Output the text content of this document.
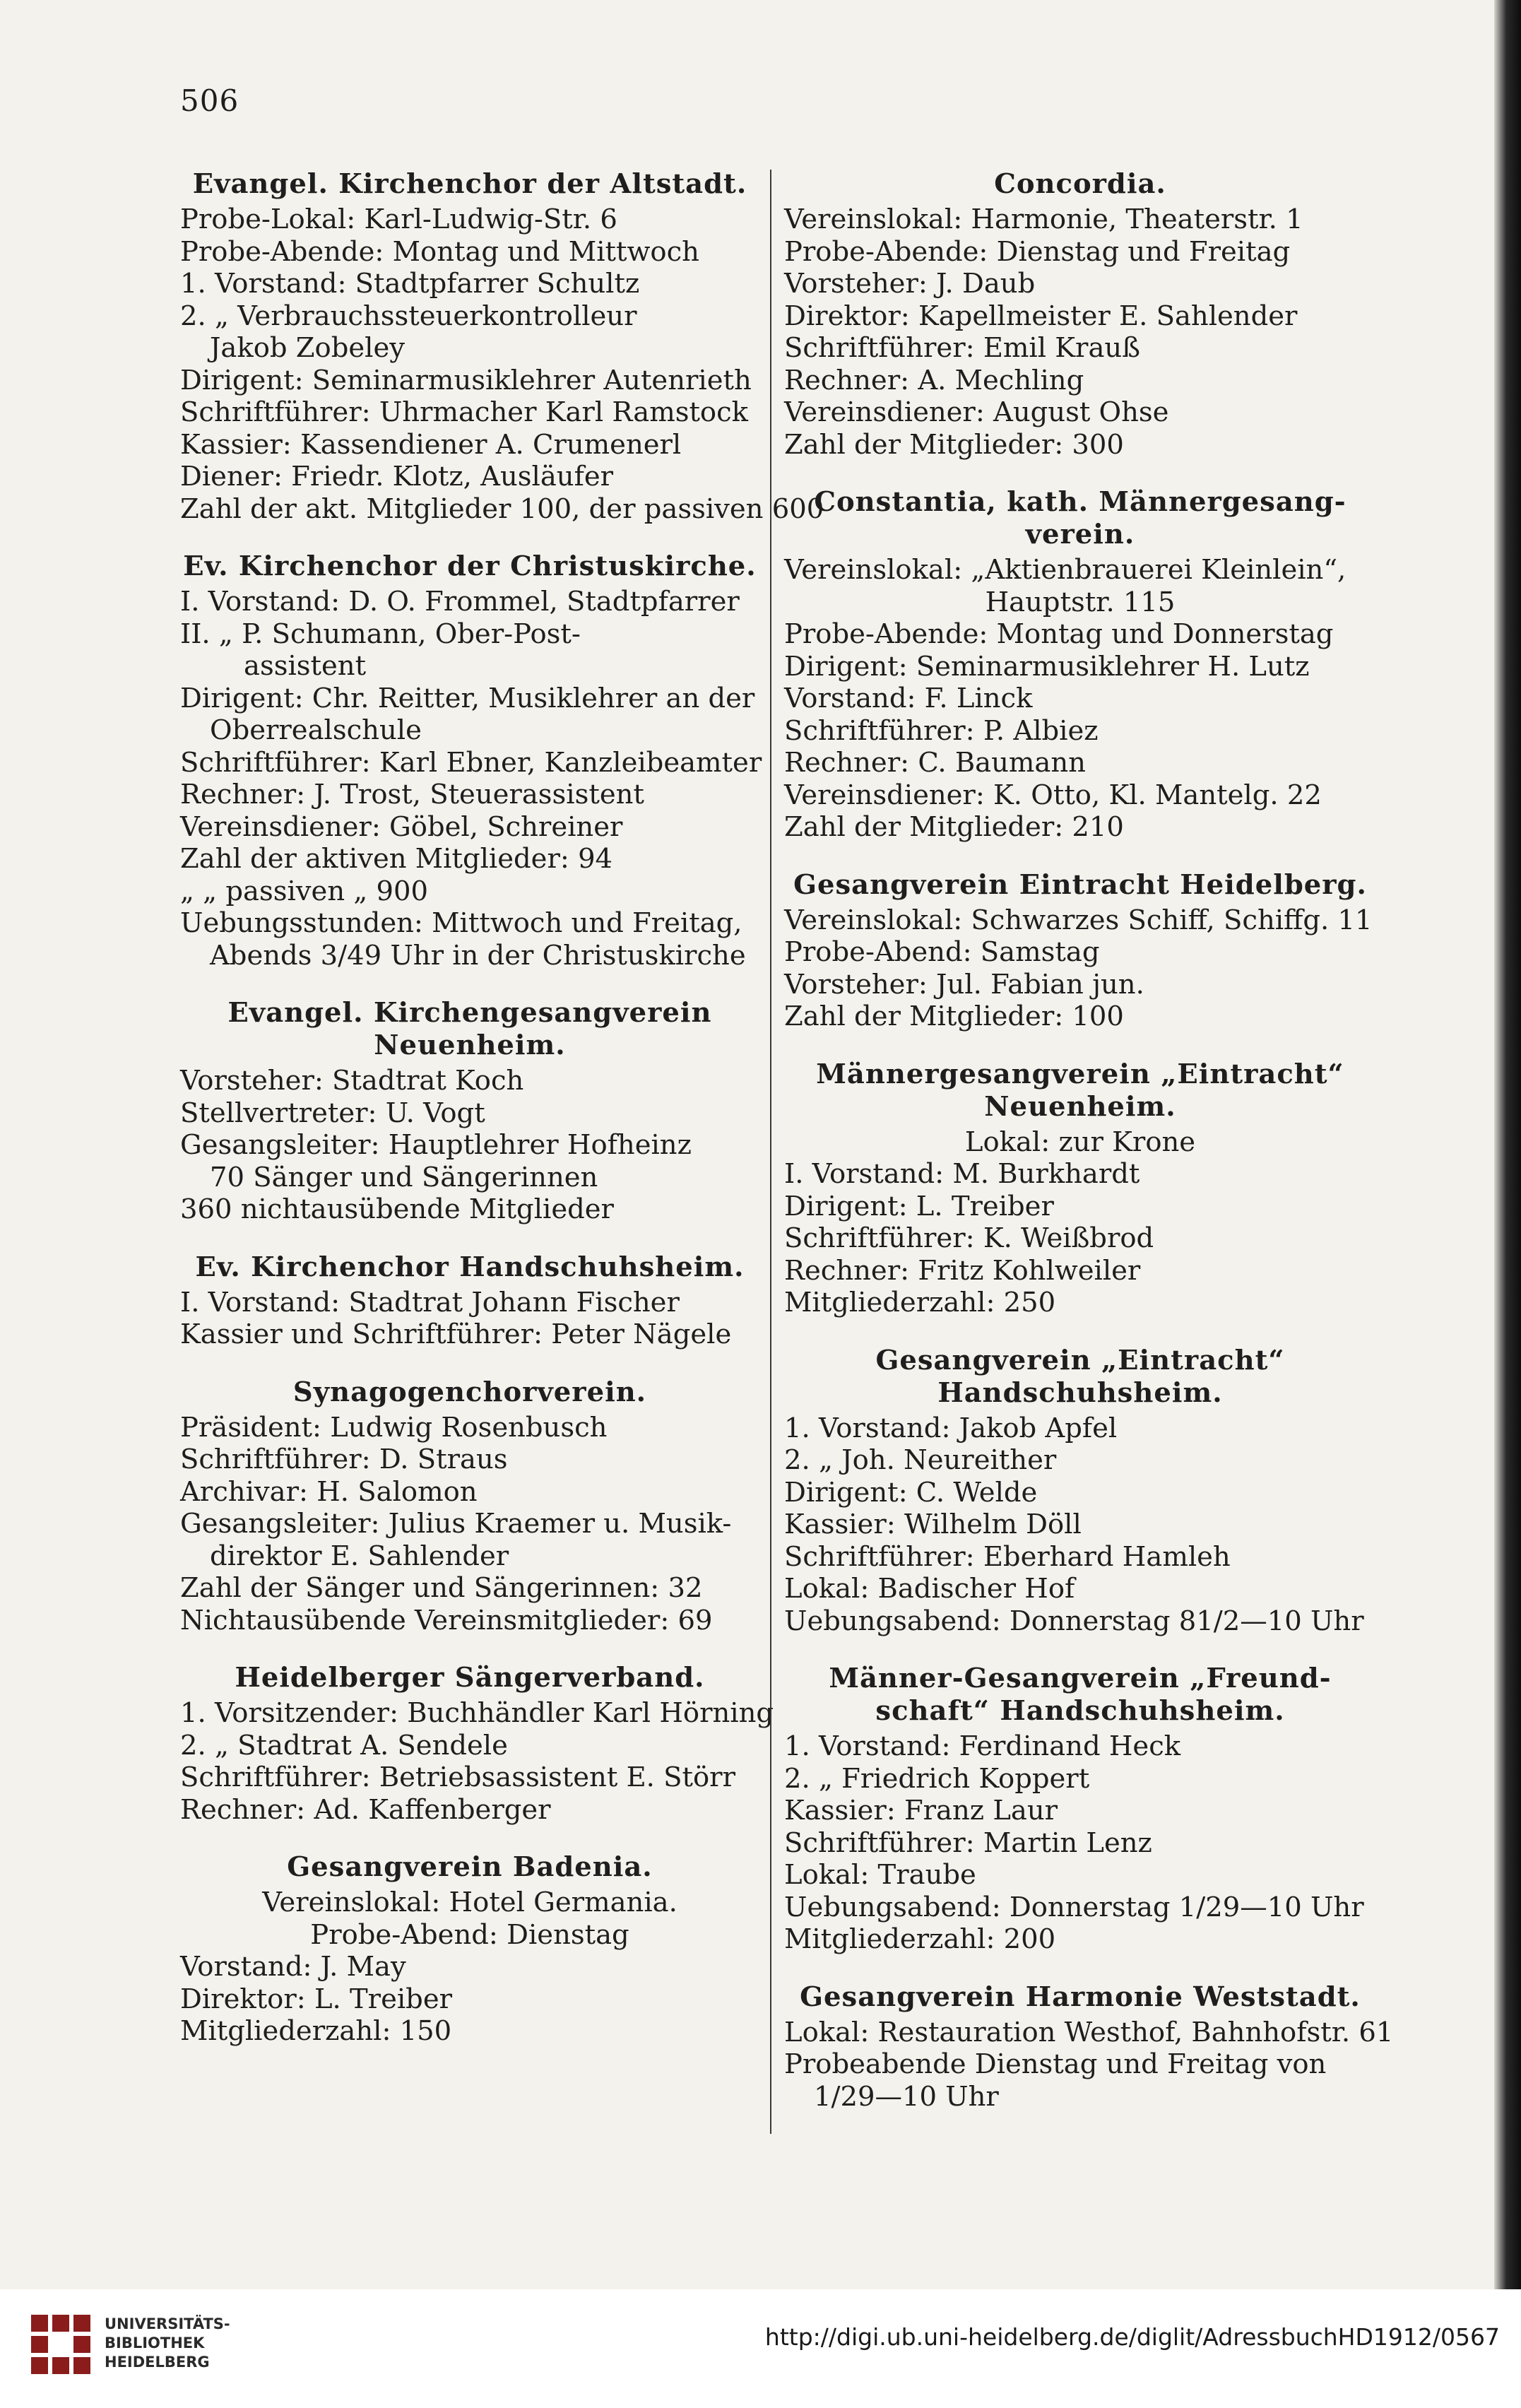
506
Evangel. Kirchenchor der Altstadt.
Probe-Lokal: Karl-Ludwig-Str. 6
Probe-Abende: Montag und Mittwoch
1. Vorstand: Stadtpfarrer Schultz
2. „ Verbrauchssteuerkontrolleur
Jakob Zobeley
Dirigent: Seminarmusiklehrer Autenrieth
Schriftführer: Uhrmacher Karl Ramstock
Kassier: Kassendiener A. Crumenerl
Diener: Friedr. Klotz, Ausläufer
Zahl der akt. Mitglieder 100, der passiven 600
Ev. Kirchenchor der Christuskirche.
I. Vorstand: D. O. Frommel, Stadtpfarrer
II. „ P. Schumann, Ober-Post-
assistent
Dirigent: Chr. Reitter, Musiklehrer an der
Oberrealschule
Schriftführer: Karl Ebner, Kanzleibeamter
Rechner: J. Trost, Steuerassistent
Vereinsdiener: Göbel, Schreiner
Zahl der aktiven Mitglieder: 94
„ „ passiven „ 900
Uebungsstunden: Mittwoch und Freitag,
Abends 3/49 Uhr in der Christuskirche
Evangel. Kirchengesangverein Neuenheim.
Vorsteher: Stadtrat Koch
Stellvertreter: U. Vogt
Gesangsleiter: Hauptlehrer Hofheinz
70 Sänger und Sängerinnen
360 nichtausübende Mitglieder
Ev. Kirchenchor Handschuhsheim.
I. Vorstand: Stadtrat Johann Fischer
Kassier und Schriftführer: Peter Nägele
Synagogenchorverein.
Präsident: Ludwig Rosenbusch
Schriftführer: D. Straus
Archivar: H. Salomon
Gesangsleiter: Julius Kraemer u. Musik-
direktor E. Sahlender
Zahl der Sänger und Sängerinnen: 32
Nichtausübende Vereinsmitglieder: 69
Heidelberger Sängerverband.
1. Vorsitzender: Buchhändler Karl Hörning
2. „ Stadtrat A. Sendele
Schriftführer: Betriebsassistent E. Störr
Rechner: Ad. Kaffenberger
Gesangverein Badenia.
Vereinslokal: Hotel Germania.
Probe-Abend: Dienstag
Vorstand: J. May
Direktor: L. Treiber
Mitgliederzahl: 150
Concordia.
Vereinslokal: Harmonie, Theaterstr. 1
Probe-Abende: Dienstag und Freitag
Vorsteher: J. Daub
Direktor: Kapellmeister E. Sahlender
Schriftführer: Emil Krauß
Rechner: A. Mechling
Vereinsdiener: August Ohse
Zahl der Mitglieder: 300
Constantia, kath. Männergesang-verein.
Vereinslokal: „Aktienbrauerei Kleinlein“,
Hauptstr. 115
Probe-Abende: Montag und Donnerstag
Dirigent: Seminarmusiklehrer H. Lutz
Vorstand: F. Linck
Schriftführer: P. Albiez
Rechner: C. Baumann
Vereinsdiener: K. Otto, Kl. Mantelg. 22
Zahl der Mitglieder: 210
Gesangverein Eintracht Heidelberg.
Vereinslokal: Schwarzes Schiff, Schiffg. 11
Probe-Abend: Samstag
Vorsteher: Jul. Fabian jun.
Zahl der Mitglieder: 100
Männergesangverein „Eintracht“ Neuenheim.
Lokal: zur Krone
I. Vorstand: M. Burkhardt
Dirigent: L. Treiber
Schriftführer: K. Weißbrod
Rechner: Fritz Kohlweiler
Mitgliederzahl: 250
Gesangverein „Eintracht“ Handschuhsheim.
1. Vorstand: Jakob Apfel
2. „ Joh. Neureither
Dirigent: C. Welde
Kassier: Wilhelm Döll
Schriftführer: Eberhard Hamleh
Lokal: Badischer Hof
Uebungsabend: Donnerstag 81/2—10 Uhr
Männer-Gesangverein „Freund-schaft“ Handschuhsheim.
1. Vorstand: Ferdinand Heck
2. „ Friedrich Koppert
Kassier: Franz Laur
Schriftführer: Martin Lenz
Lokal: Traube
Uebungsabend: Donnerstag 1/29—10 Uhr
Mitgliederzahl: 200
Gesangverein Harmonie Weststadt.
Lokal: Restauration Westhof, Bahnhofstr. 61
Probeabende Dienstag und Freitag von
1/29—10 Uhr
UNIVERSITÄTS-
BIBLIOTHEK
HEIDELBERG
http://digi.ub.uni-heidelberg.de/diglit/AdressbuchHD1912/0567
